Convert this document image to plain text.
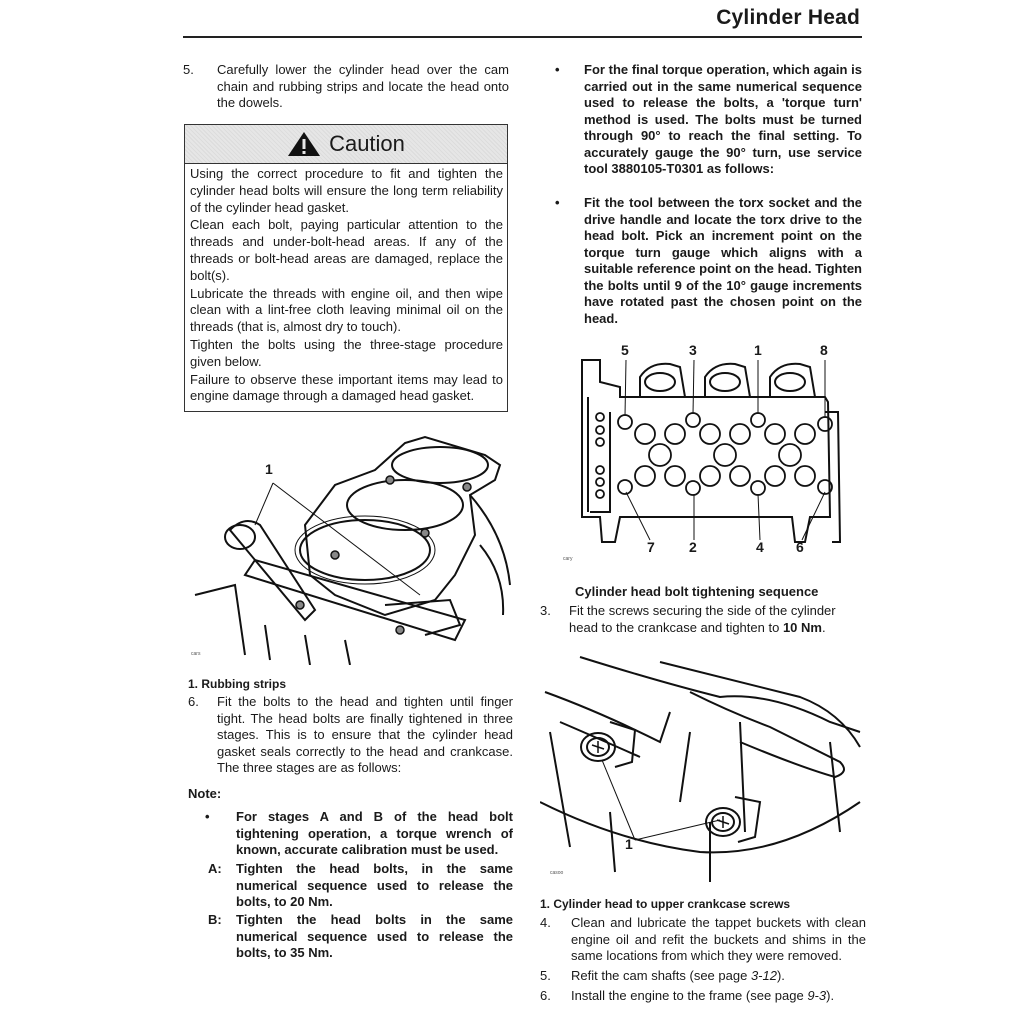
Cylinder Head
5. Carefully lower the cylinder head over the cam chain and rubbing strips and locate the head onto the dowels.
Caution

Using the correct procedure to fit and tighten the cylinder head bolts will ensure the long term reliability of the cylinder head gasket.

Clean each bolt, paying particular attention to the threads and under-bolt-head areas. If any of the threads or bolt-head areas are damaged, replace the bolt(s).

Lubricate the threads with engine oil, and then wipe clean with a lint-free cloth leaving minimal oil on the threads (that is, almost dry to touch).

Tighten the bolts using the three-stage procedure given below.

Failure to observe these important items may lead to engine damage through a damaged head gasket.

1
cars
1. Rubbing strips
6. Fit the bolts to the head and tighten until finger tight. The head bolts are finally tightened in three stages. This is to ensure that the cylinder head gasket seals correctly to the head and crankcase. The three stages are as follows:
Note:
• For stages A and B of the head bolt tightening operation, a torque wrench of known, accurate calibration must be used.
A: Tighten the head bolts, in the same numerical sequence used to release the bolts, to 20 Nm.
B: Tighten the head bolts in the same numerical sequence used to release the bolts, to 35 Nm.
• For the final torque operation, which again is carried out in the same numerical sequence used to release the bolts, a 'torque turn' method is used. The bolts must be turned through 90° to reach the final setting. To accurately gauge the 90° turn, use service tool 3880105-T0301 as follows:
• Fit the tool between the torx socket and the drive handle and locate the torx drive to the head bolt. Pick an increment point on the torque turn gauge which aligns with a suitable reference point on the head. Tighten the bolts until 9 of the 10° gauge increments have rotated past the chosen point on the head.
5	3	1	8
7 2	4 6
cary
Cylinder head bolt tightening sequence
3. Fit the screws securing the side of the cylinder head to the crankcase and tighten to 10 Nm.
1
casoo
1. Cylinder head to upper crankcase screws
4. Clean and lubricate the tappet buckets with clean engine oil and refit the buckets and shims in the same locations from which they were removed.
5. Refit the cam shafts (see page 3-12).
6. Install the engine to the frame (see page 9-3).
